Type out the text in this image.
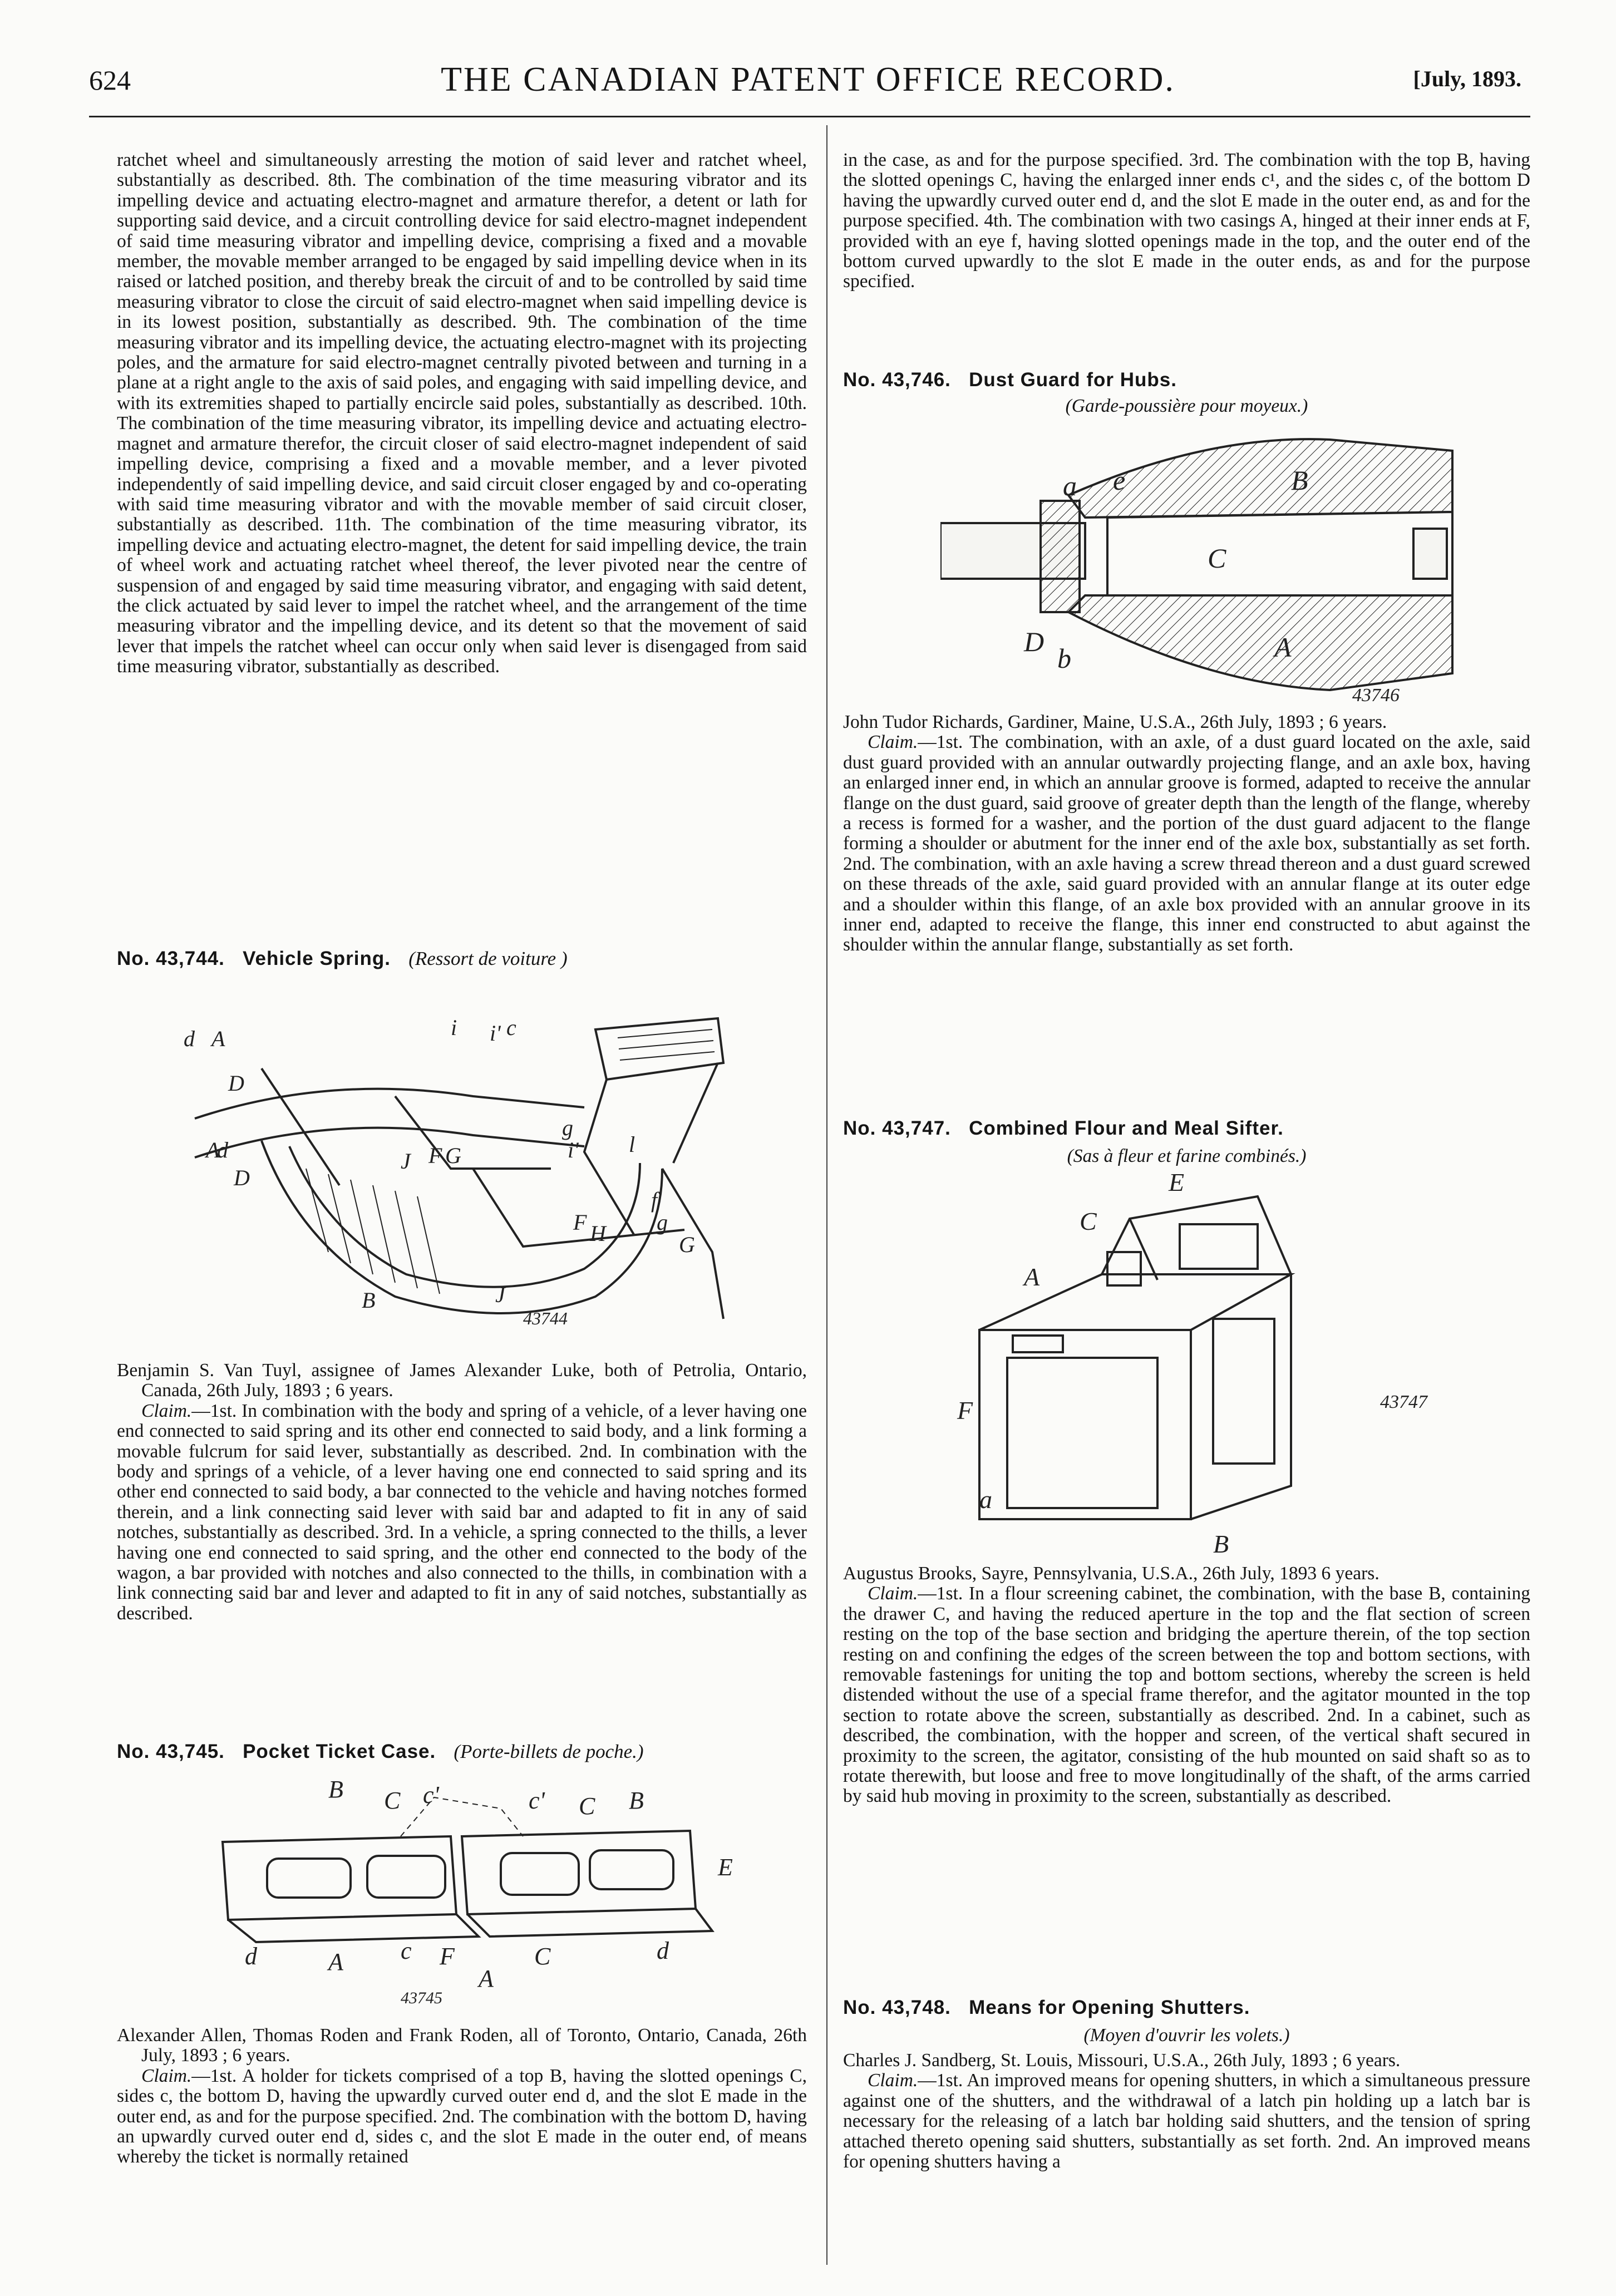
624	THE CANADIAN PATENT OFFICE RECORD.	[July, 1893.

ratchet wheel and simultaneously arresting the motion of said lever and ratchet wheel, substantially as described. 8th. The combination of the time measuring vibrator and its impelling device and actuating electro-magnet and armature therefor, a detent or lath for supporting said device, and a circuit controlling device for said electro-magnet independent of said time measuring vibrator and impelling device, comprising a fixed and a movable member, the movable member arranged to be engaged by said impelling device when in its raised or latched position, and thereby break the circuit of and to be controlled by said time measuring vibrator to close the circuit of said electro-magnet when said impelling device is in its lowest position, substantially as described. 9th. The combination of the time measuring vibrator and its impelling device, the actuating electro-magnet with its projecting poles, and the armature for said electro-magnet centrally pivoted between and turning in a plane at a right angle to the axis of said poles, and engaging with said impelling device, and with its extremities shaped to partially encircle said poles, substantially as described. 10th. The combination of the time measuring vibrator, its impelling device and actuating electro-magnet and armature therefor, the circuit closer of said electro-magnet independent of said impelling device, comprising a fixed and a movable member, and a lever pivoted independently of said impelling device, and said circuit closer engaged by and co-operating with said time measuring vibrator and with the movable member of said circuit closer, substantially as described. 11th. The combination of the time measuring vibrator, its impelling device and actuating electro-magnet, the detent for said impelling device, the train of wheel work and actuating ratchet wheel thereof, the lever pivoted near the centre of suspension of and engaged by said time measuring vibrator, and engaging with said detent, the click actuated by said lever to impel the ratchet wheel, and the arrangement of the time measuring vibrator and the impelling device, and its detent so that the movement of said lever that impels the ratchet wheel can occur only when said lever is disengaged from said time measuring vibrator, substantially as described.

No. 43,744. Vehicle Spring. (Ressort de voiture )
d A
D
i i' c
J F G
g
i' l
f
g
G
F H
A
d
D
B	J
43744

Benjamin S. Van Tuyl, assignee of James Alexander Luke, both of Petrolia, Ontario, Canada, 26th July, 1893 ; 6 years.

Claim.—1st. In combination with the body and spring of a vehicle, of a lever having one end connected to said spring and its other end connected to said body, and a link forming a movable fulcrum for said lever, substantially as described. 2nd. In combination with the body and springs of a vehicle, of a lever having one end connected to said spring and its other end connected to said body, a bar connected to the vehicle and having notches formed therein, and a link connecting said lever with said bar and adapted to fit in any of said notches, substantially as described. 3rd. In a vehicle, a spring connected to the thills, a lever having one end connected to said spring, and the other end connected to the body of the wagon, a bar provided with notches and also connected to the thills, in combination with a link connecting said bar and lever and adapted to fit in any of said notches, substantially as described.

No. 43,745. Pocket Ticket Case. (Porte-billets de poche.)
B C c'	c' C B
E
d	A c F
A
C	d
43745

Alexander Allen, Thomas Roden and Frank Roden, all of Toronto, Ontario, Canada, 26th July, 1893 ; 6 years.

Claim.—1st. A holder for tickets comprised of a top B, having the slotted openings C, sides c, the bottom D, having the upwardly curved outer end d, and the slot E made in the outer end, as and for the purpose specified. 2nd. The combination with the bottom D, having an upwardly curved outer end d, sides c, and the slot E made in the outer end, of means whereby the ticket is normally retained

in the case, as and for the purpose specified. 3rd. The combination with the top B, having the slotted openings C, having the enlarged inner ends c¹, and the sides c, of the bottom D having the upwardly curved outer end d, and the slot E made in the outer end, as and for the purpose specified. 4th. The combination with two casings A, hinged at their inner ends at F, provided with an eye f, having slotted openings made in the top, and the outer end of the bottom curved upwardly to the slot E made in the outer ends, as and for the purpose specified.

No. 43,746. Dust Guard for Hubs.
(Garde-poussière pour moyeux.)
a e	B
C
D
b	A
43746

John Tudor Richards, Gardiner, Maine, U.S.A., 26th July, 1893 ; 6 years.

Claim.—1st. The combination, with an axle, of a dust guard located on the axle, said dust guard provided with an annular outwardly projecting flange, and an axle box, having an enlarged inner end, in which an annular groove is formed, adapted to receive the annular flange on the dust guard, said groove of greater depth than the length of the flange, whereby a recess is formed for a washer, and the portion of the dust guard adjacent to the flange forming a shoulder or abutment for the inner end of the axle box, substantially as set forth. 2nd. The combination, with an axle having a screw thread thereon and a dust guard screwed on these threads of the axle, said guard provided with an annular flange at its outer edge and a shoulder within this flange, of an axle box provided with an annular groove in its inner end, adapted to receive the flange, this inner end constructed to abut against the shoulder within the annular flange, substantially as set forth.

No. 43,747. Combined Flour and Meal Sifter.
(Sas à fleur et farine combinés.)
E
C
A
F
a
B
43747

Augustus Brooks, Sayre, Pennsylvania, U.S.A., 26th July, 1893 6 years.

Claim.—1st. In a flour screening cabinet, the combination, with the base B, containing the drawer C, and having the reduced aperture in the top and the flat section of screen resting on the top of the base section and bridging the aperture therein, of the top section resting on and confining the edges of the screen between the top and bottom sections, with removable fastenings for uniting the top and bottom sections, whereby the screen is held distended without the use of a special frame therefor, and the agitator mounted in the top section to rotate above the screen, substantially as described. 2nd. In a cabinet, such as described, the combination, with the hopper and screen, of the vertical shaft secured in proximity to the screen, the agitator, consisting of the hub mounted on said shaft so as to rotate therewith, but loose and free to move longitudinally of the shaft, of the arms carried by said hub moving in proximity to the screen, substantially as described.

No. 43,748. Means for Opening Shutters.
(Moyen d'ouvrir les volets.)

Charles J. Sandberg, St. Louis, Missouri, U.S.A., 26th July, 1893 ; 6 years.

Claim.—1st. An improved means for opening shutters, in which a simultaneous pressure against one of the shutters, and the withdrawal of a latch pin holding up a latch bar is necessary for the releasing of a latch bar holding said shutters, and the tension of spring attached thereto opening said shutters, substantially as set forth. 2nd. An improved means for opening shutters having a
